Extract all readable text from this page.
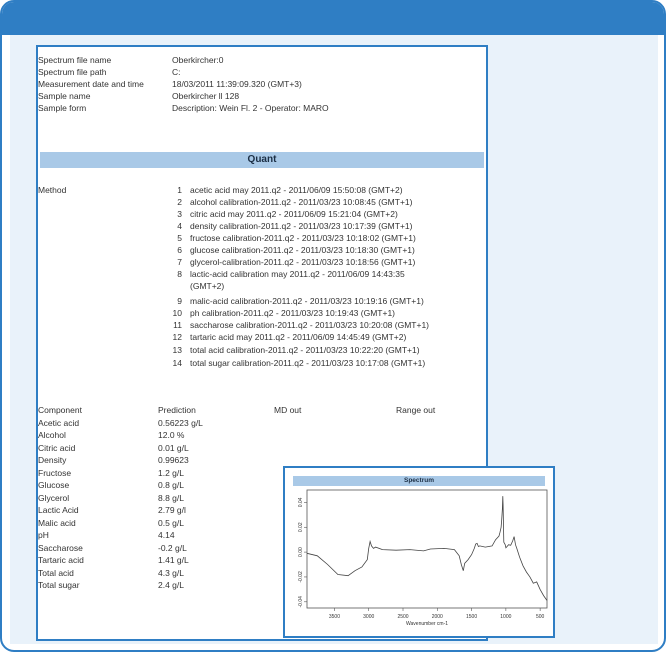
Spectrum file name	Oberkircher:0
Spectrum file path	C:
Measurement date and time	18/03/2011 11:39:09.320 (GMT+3)
Sample name	Oberkircher ll 128
Sample form	Description: Wein Fl. 2 - Operator: MARO
Quant
Method	1 acetic acid may 2011.q2 - 2011/06/09 15:50:08 (GMT+2)
2 alcohol calibration-2011.q2 - 2011/03/23 10:08:45 (GMT+1)
3 citric acid may 2011.q2 - 2011/06/09 15:21:04 (GMT+2)
4 density calibration-2011.q2 - 2011/03/23 10:17:39 (GMT+1)
5 fructose calibration-2011.q2 - 2011/03/23 10:18:02 (GMT+1)
6 glucose calibration-2011.q2 - 2011/03/23 10:18:30 (GMT+1)
7 glycerol-calibration-2011.q2 - 2011/03/23 10:18:56 (GMT+1)
8 lactic-acid calibration may 2011.q2 - 2011/06/09 14:43:35
(GMT+2)
9 malic-acid calibration-2011.q2 - 2011/03/23 10:19:16 (GMT+1)
10 ph calibration-2011.q2 - 2011/03/23 10:19:43 (GMT+1)
11 saccharose calibration-2011.q2 - 2011/03/23 10:20:08 (GMT+1)
12 tartaric acid may 2011.q2 - 2011/06/09 14:45:49 (GMT+2)
13 total acid calibration-2011.q2 - 2011/03/23 10:22:20 (GMT+1)
14 total sugar calibration-2011.q2 - 2011/03/23 10:17:08 (GMT+1)
Component	Prediction	MD out	Range out
Acetic acid	0.56223 g/L
Alcohol	12.0 %
Citric acid	0.01 g/L
Density	0.99623
Fructose	1.2 g/L
Glucose	0.8 g/L
Glycerol	8.8 g/L
Lactic Acid	2.79 g/l
Malic acid	0.5 g/L
pH	4.14
Saccharose	-0.2 g/L
Tartaric acid	1.41 g/L
Total acid	4.3 g/L
Total sugar	2.4 g/L
Spectrum
3500	3000	2500	2000	1500	1000	500
0.04
0.02
0.00
-0.02
-0.04
Wavenumber cm-1
